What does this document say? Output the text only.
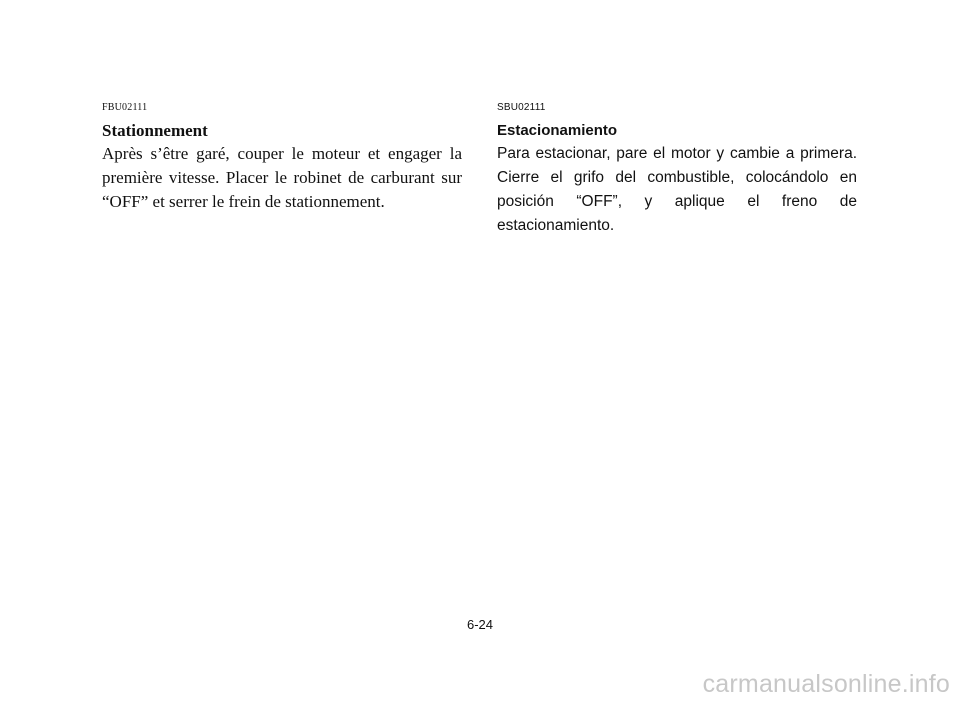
FBU02111

Stationnement

Après s’être garé, couper le moteur et engager la première vitesse. Placer le robinet de carburant sur “OFF” et serrer le frein de stationnement.

SBU02111

Estacionamiento

Para estacionar, pare el motor y cambie a primera. Cierre el grifo del combustible, colocándolo en posición “OFF”, y aplique el freno de estacionamiento.

6-24
carmanualsonline.info
